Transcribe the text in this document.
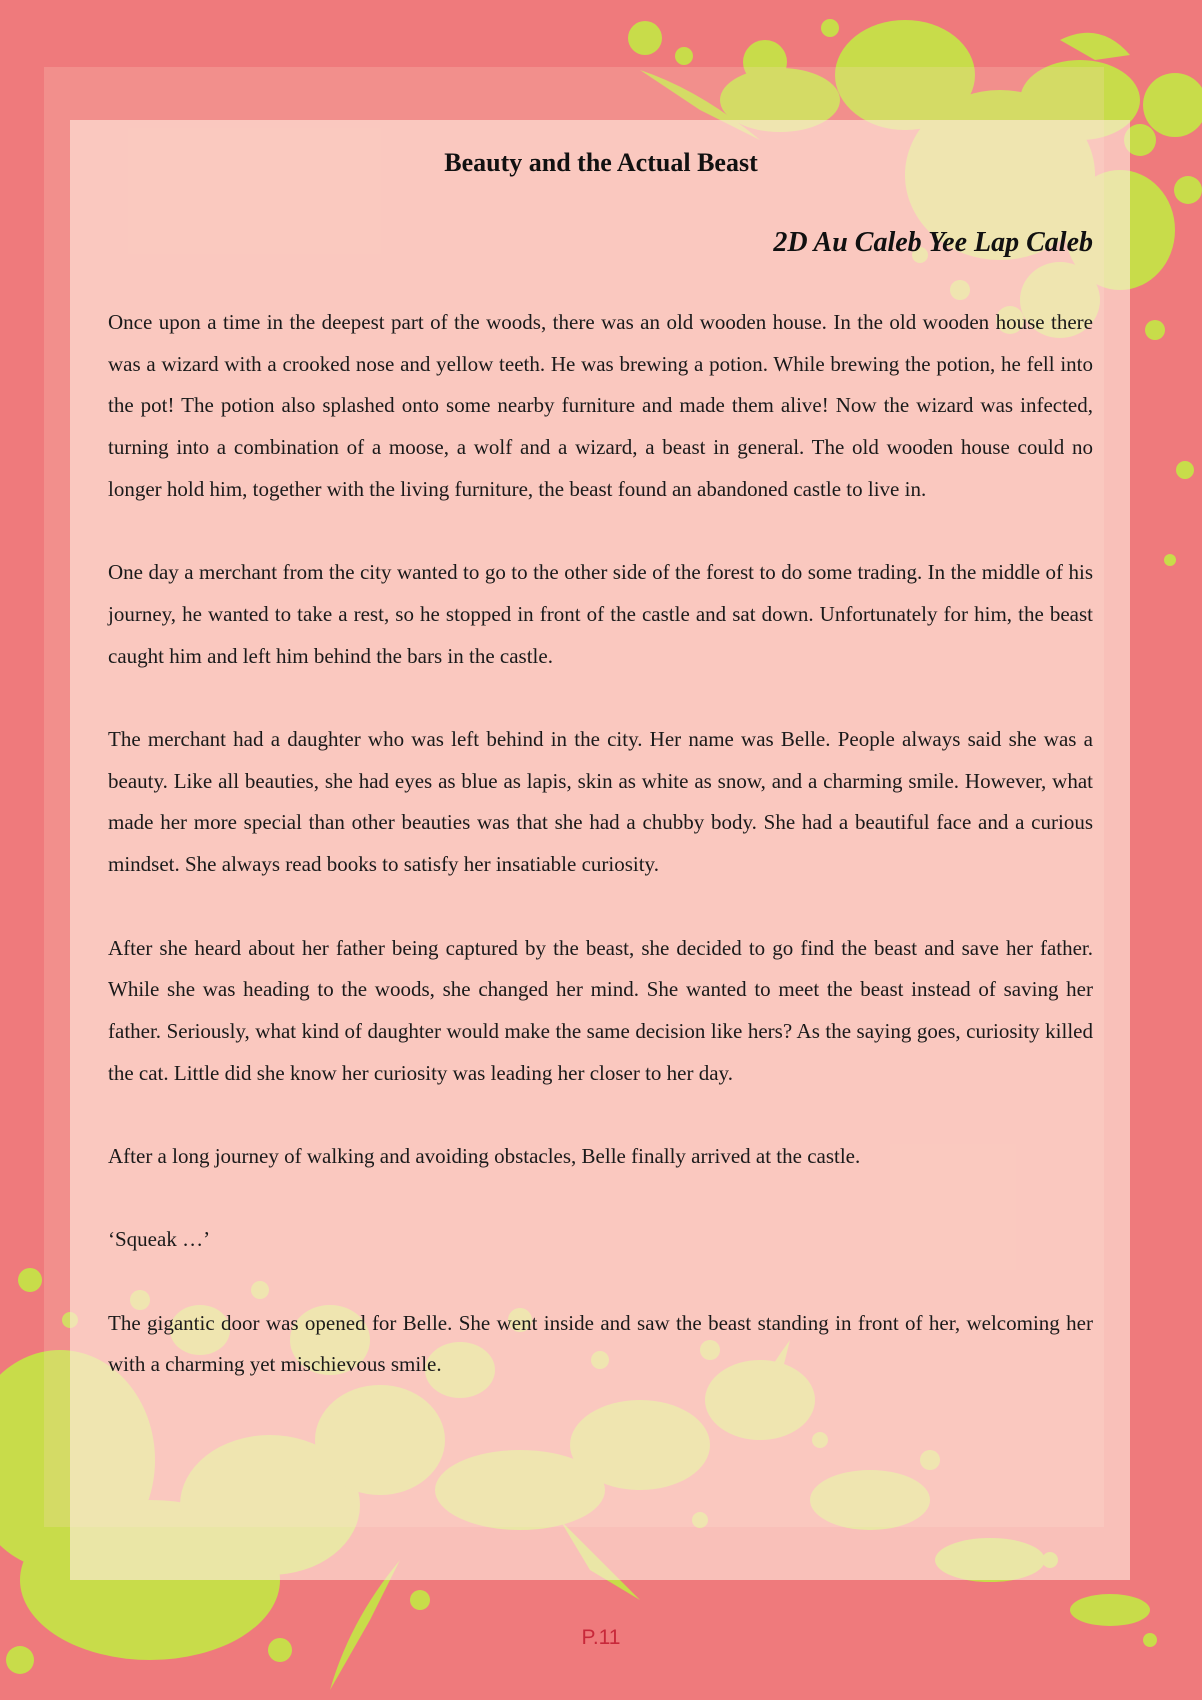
Beauty and the Actual Beast
2D Au Caleb Yee Lap Caleb

Once upon a time in the deepest part of the woods, there was an old wooden house. In the old wooden house there was a wizard with a crooked nose and yellow teeth. He was brewing a potion. While brewing the potion, he fell into the pot! The potion also splashed onto some nearby furniture and made them alive! Now the wizard was infected, turning into a combination of a moose, a wolf and a wizard, a beast in general. The old wooden house could no longer hold him, together with the living furniture, the beast found an abandoned castle to live in.

One day a merchant from the city wanted to go to the other side of the forest to do some trading. In the middle of his journey, he wanted to take a rest, so he stopped in front of the castle and sat down. Unfortunately for him, the beast caught him and left him behind the bars in the castle.

The merchant had a daughter who was left behind in the city. Her name was Belle. People always said she was a beauty. Like all beauties, she had eyes as blue as lapis, skin as white as snow, and a charming smile. However, what made her more special than other beauties was that she had a chubby body. She had a beautiful face and a curious mindset. She always read books to satisfy her insatiable curiosity.

After she heard about her father being captured by the beast, she decided to go find the beast and save her father. While she was heading to the woods, she changed her mind. She wanted to meet the beast instead of saving her father. Seriously, what kind of daughter would make the same decision like hers? As the saying goes, curiosity killed the cat. Little did she know her curiosity was leading her closer to her day.

After a long journey of walking and avoiding obstacles, Belle finally arrived at the castle.

‘Squeak …’

The gigantic door was opened for Belle. She went inside and saw the beast standing in front of her, welcoming her with a charming yet mischievous smile.

P.11
